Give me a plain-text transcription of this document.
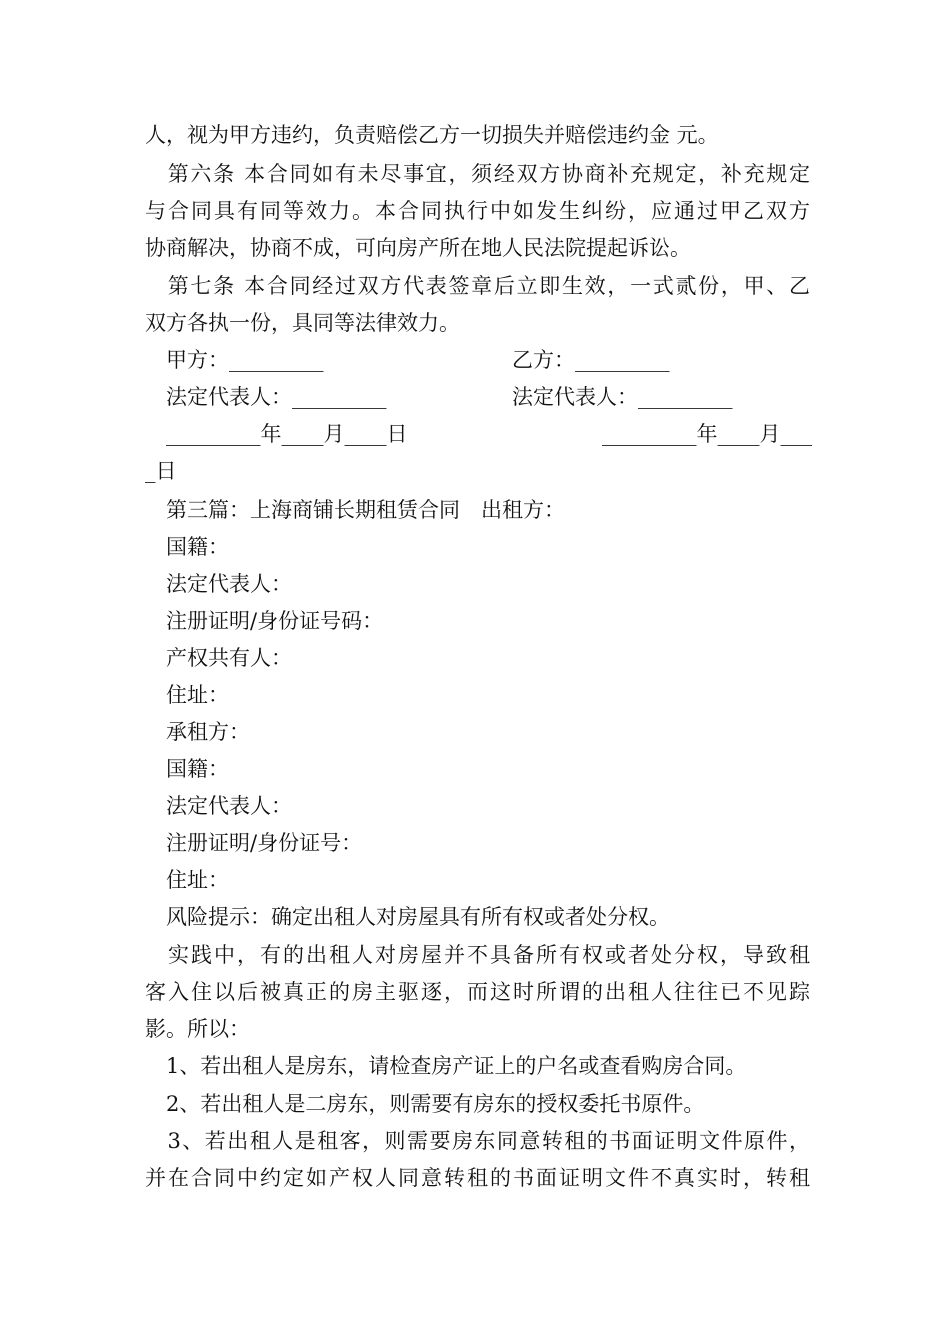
人，视为甲方违约，负责赔偿乙方一切损失并赔偿违约金 元。
　第六条 本合同如有未尽事宜，须经双方协商补充规定，补充规定
与合同具有同等效力。本合同执行中如发生纠纷，应通过甲乙双方
协商解决，协商不成，可向房产所在地人民法院提起诉讼。
　第七条 本合同经过双方代表签章后立即生效，一式贰份，甲、乙
双方各执一份，具同等法律效力。
　甲方：_________	乙方：_________
　法定代表人：_________	法定代表人：_________
　_________年____月____日	_________年____月___
_日
　第三篇：上海商铺长期租赁合同　出租方：
　国籍：
　法定代表人：
　注册证明/身份证号码：
　产权共有人：
　住址：
　承租方：
　国籍：
　法定代表人：
　注册证明/身份证号：
　住址：
　风险提示：确定出租人对房屋具有所有权或者处分权。
　实践中，有的出租人对房屋并不具备所有权或者处分权，导致租
客入住以后被真正的房主驱逐，而这时所谓的出租人往往已不见踪
影。所以：
　1、若出租人是房东，请检查房产证上的户名或查看购房合同。
　2、若出租人是二房东，则需要有房东的授权委托书原件。
　3、若出租人是租客，则需要房东同意转租的书面证明文件原件，
并在合同中约定如产权人同意转租的书面证明文件不真实时，转租
